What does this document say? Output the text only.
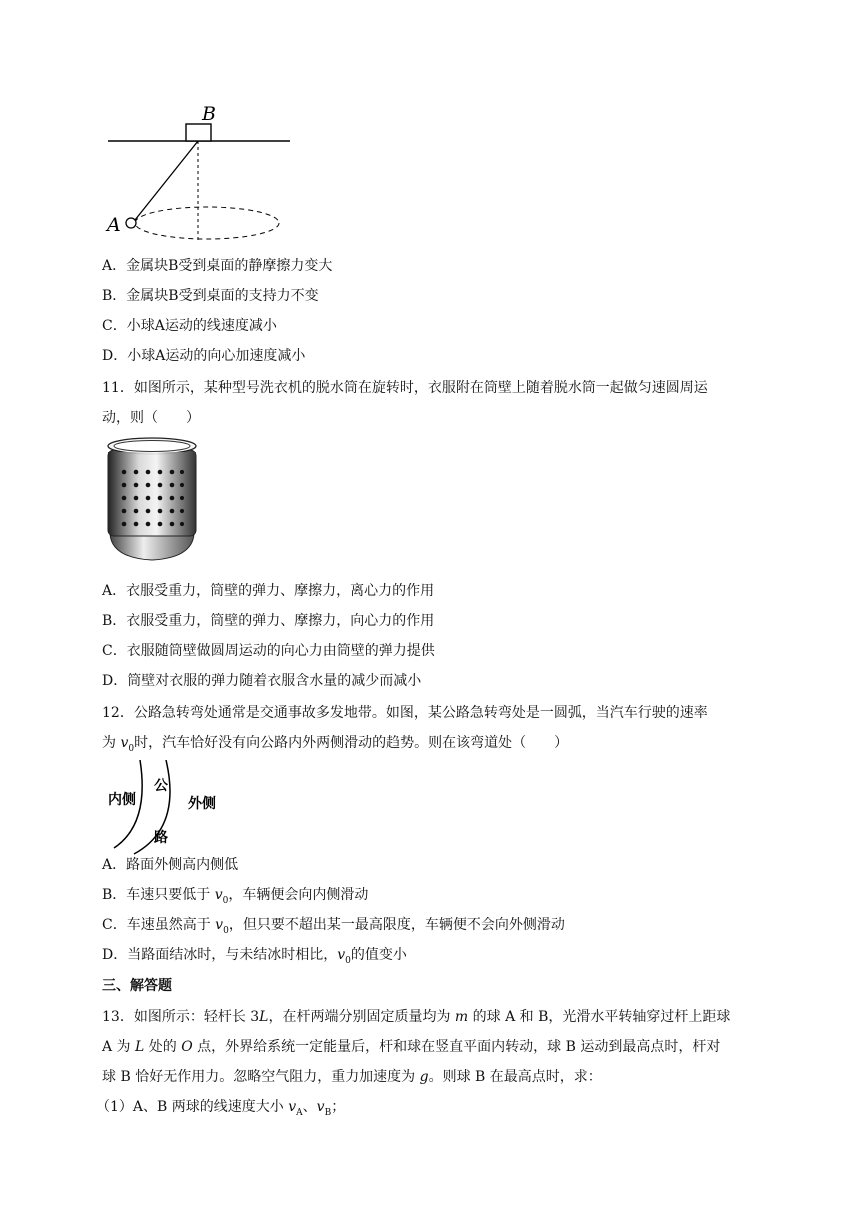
B
A
A．金属块B受到桌面的静摩擦力变大
B．金属块B受到桌面的支持力不变
C．小球A运动的线速度减小
D．小球A运动的向心加速度减小
11．如图所示，某种型号洗衣机的脱水筒在旋转时，衣服附在筒壁上随着脱水筒一起做匀速圆周运
动，则（　　）
A．衣服受重力，筒壁的弹力、摩擦力，离心力的作用
B．衣服受重力，筒壁的弹力、摩擦力，向心力的作用
C．衣服随筒壁做圆周运动的向心力由筒壁的弹力提供
D．筒壁对衣服的弹力随着衣服含水量的减少而减小
12．公路急转弯处通常是交通事故多发地带。如图，某公路急转弯处是一圆弧，当汽车行驶的速率
为 $v_0$时，汽车恰好没有向公路内外两侧滑动的趋势。则在该弯道处（　　）
内侧
公
路
外侧
A．路面外侧高内侧低
B．车速只要低于 $v_0$，车辆便会向内侧滑动
C．车速虽然高于 $v_0$，但只要不超出某一最高限度，车辆便不会向外侧滑动
D．当路面结冰时，与未结冰时相比，$v_0$的值变小
三、解答题
13．如图所示：轻杆长 3L，在杆两端分别固定质量均为 m 的球 A 和 B，光滑水平转轴穿过杆上距球
A 为 L 处的 O 点，外界给系统一定能量后，杆和球在竖直平面内转动，球 B 运动到最高点时，杆对
球 B 恰好无作用力。忽略空气阻力，重力加速度为 g。则球 B 在最高点时，求：
（1）A、B 两球的线速度大小 $v_A$、$v_B$；
